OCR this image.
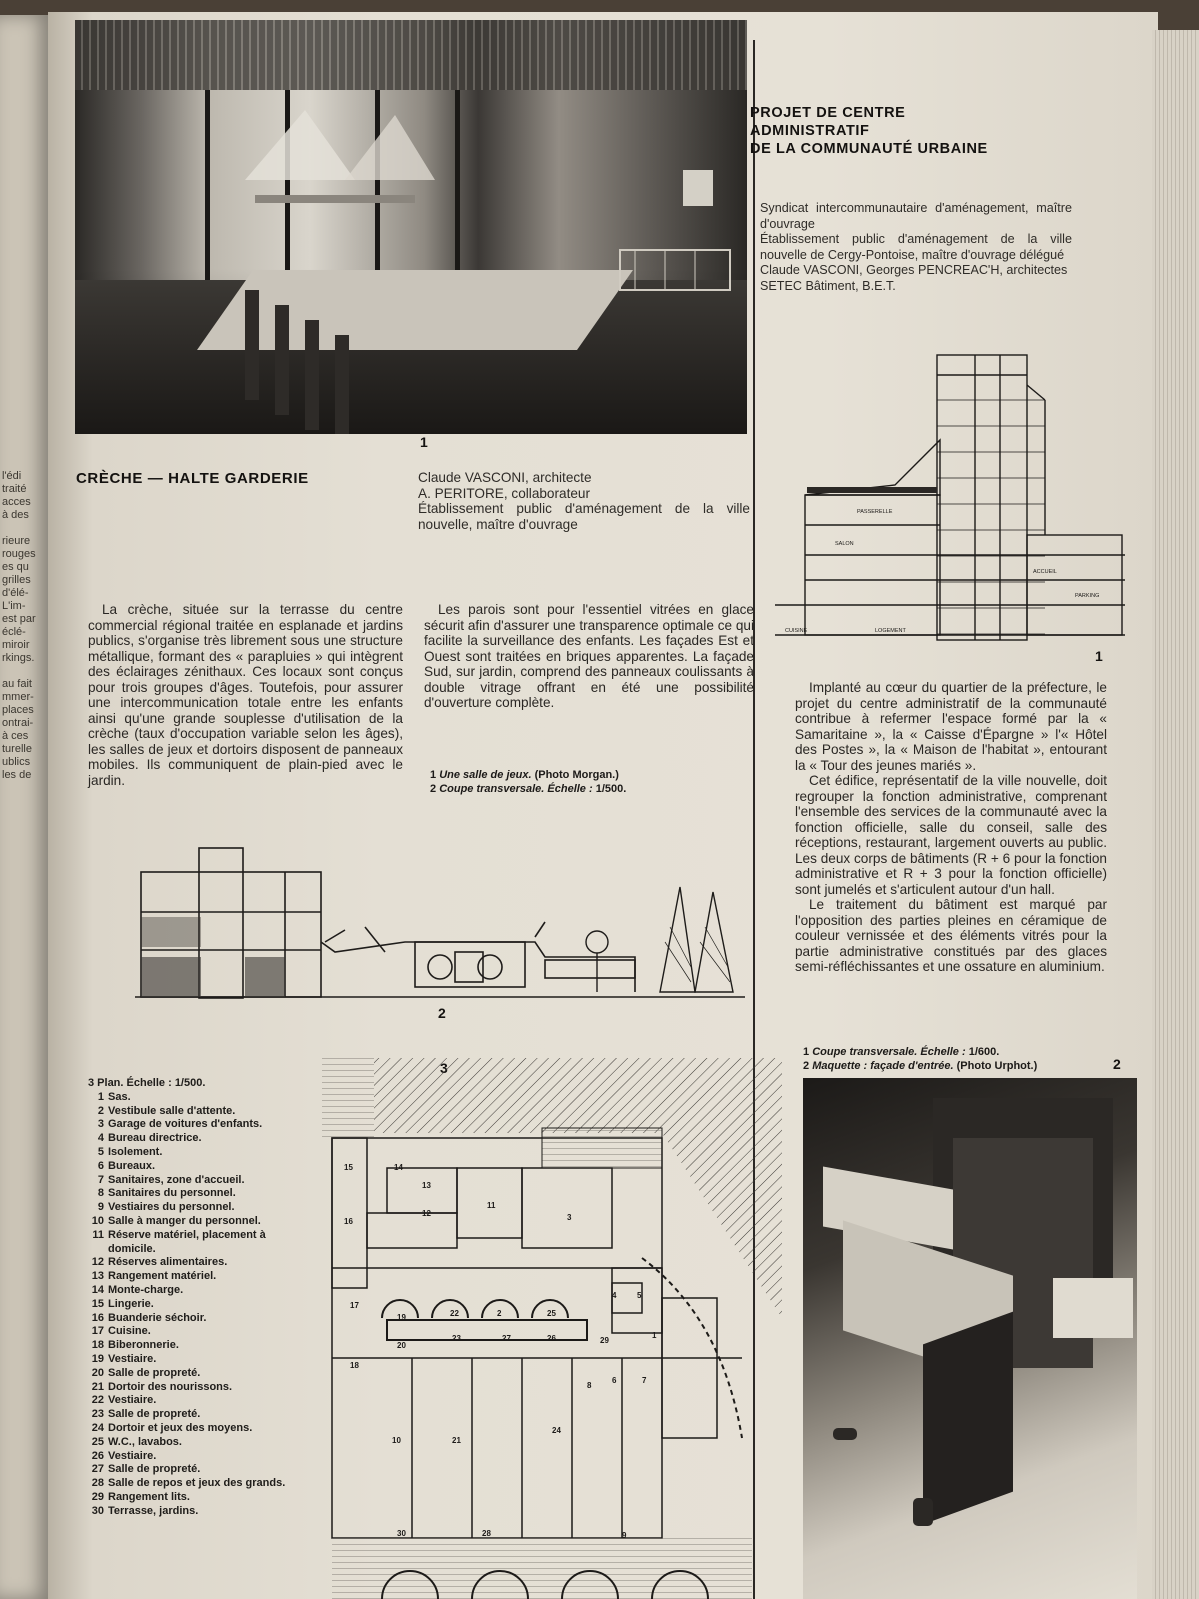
l'édi
traité
acces
à des

rieure
rouges
es qu
grilles
d'élé-
L'im-
est par
éclé-
miroir
rkings.

au fait
mmer-
places
ontrai-
à ces
turelle
ublics
les de
1
CRÈCHE — HALTE GARDERIE	Claude VASCONI, architecte
A. PERITORE, collaborateur
Établissement public d'aménagement de la ville nouvelle, maître d'ouvrage
La crèche, située sur la terrasse du centre commercial régional traitée en esplanade et jardins publics, s'organise très librement sous une structure métallique, formant des « parapluies » qui intègrent des éclairages zénithaux. Ces locaux sont conçus pour trois groupes d'âges. Toutefois, pour assurer une intercommunication totale entre les enfants ainsi qu'une grande souplesse d'utilisation de la crèche (taux d'occupation variable selon les âges), les salles de jeux et dortoirs disposent de panneaux mobiles. Ils communiquent de plain-pied avec le jardin.
Les parois sont pour l'essentiel vitrées en glace sécurit afin d'assurer une transparence optimale ce qui facilite la surveillance des enfants. Les façades Est et Ouest sont traitées en briques apparentes. La façade Sud, sur jardin, comprend des panneaux coulissants à double vitrage offrant en été une possibilité d'ouverture complète.
1 Une salle de jeux. (Photo Morgan.)
2 Coupe transversale. Échelle : 1/500.
2
3 Plan. Échelle : 1/500.
1 Sas.
2 Vestibule salle d'attente.
3 Garage de voitures d'enfants.
4 Bureau directrice.
5 Isolement.
6 Bureaux.
7 Sanitaires, zone d'accueil.
8 Sanitaires du personnel.
9 Vestiaires du personnel.
10 Salle à manger du personnel.
11 Réserve matériel, placement à domicile.
12 Réserves alimentaires.
13 Rangement matériel.
14 Monte-charge.
15 Lingerie.
16 Buanderie séchoir.
17 Cuisine.
18 Biberonnerie.
19 Vestiaire.
20 Salle de propreté.
21 Dortoir des nourissons.
22 Vestiaire.
23 Salle de propreté.
24 Dortoir et jeux des moyens.
25 W.C., lavabos.
26 Vestiaire.
27 Salle de propreté.
28 Salle de repos et jeux des grands.
29 Rangement lits.
30 Terrasse, jardins.
15	14
13
12
11
16
17
18
19
20
22
23
2	25
26
27	29
1
3
4	5
6	7
8
9
10	21
24
28
30
PROJET DE CENTRE
ADMINISTRATIF
DE LA COMMUNAUTÉ URBAINE
Syndicat intercommunautaire d'aménagement, maître d'ouvrage
Établissement public d'aménagement de la ville nouvelle de Cergy-Pontoise, maître d'ouvrage délégué
Claude VASCONI, Georges PENCREAC'H, architectes
SETEC Bâtiment, B.E.T.
PASSERELLE
SALON
ACCUEIL
PARKING
CUISINE	LOGEMENT
1

Implanté au cœur du quartier de la préfecture, le projet du centre administratif de la communauté contribue à refermer l'espace formé par la « Samaritaine », la « Caisse d'Épargne » l'« Hôtel des Postes », la « Maison de l'habitat », entourant la « Tour des jeunes mariés ».

Cet édifice, représentatif de la ville nouvelle, doit regrouper la fonction administrative, comprenant l'ensemble des services de la communauté avec la fonction officielle, salle du conseil, salle des réceptions, restaurant, largement ouverts au public. Les deux corps de bâtiments (R + 6 pour la fonction administrative et R + 3 pour la fonction officielle) sont jumelés et s'articulent autour d'un hall.

Le traitement du bâtiment est marqué par l'opposition des parties pleines en céramique de couleur vernissée et des éléments vitrés pour la partie administrative constitués par des glaces semi-réfléchissantes et une ossature en aluminium.

1 Coupe transversale. Échelle : 1/600.
2 Maquette : façade d'entrée. (Photo Urphot.)	2
